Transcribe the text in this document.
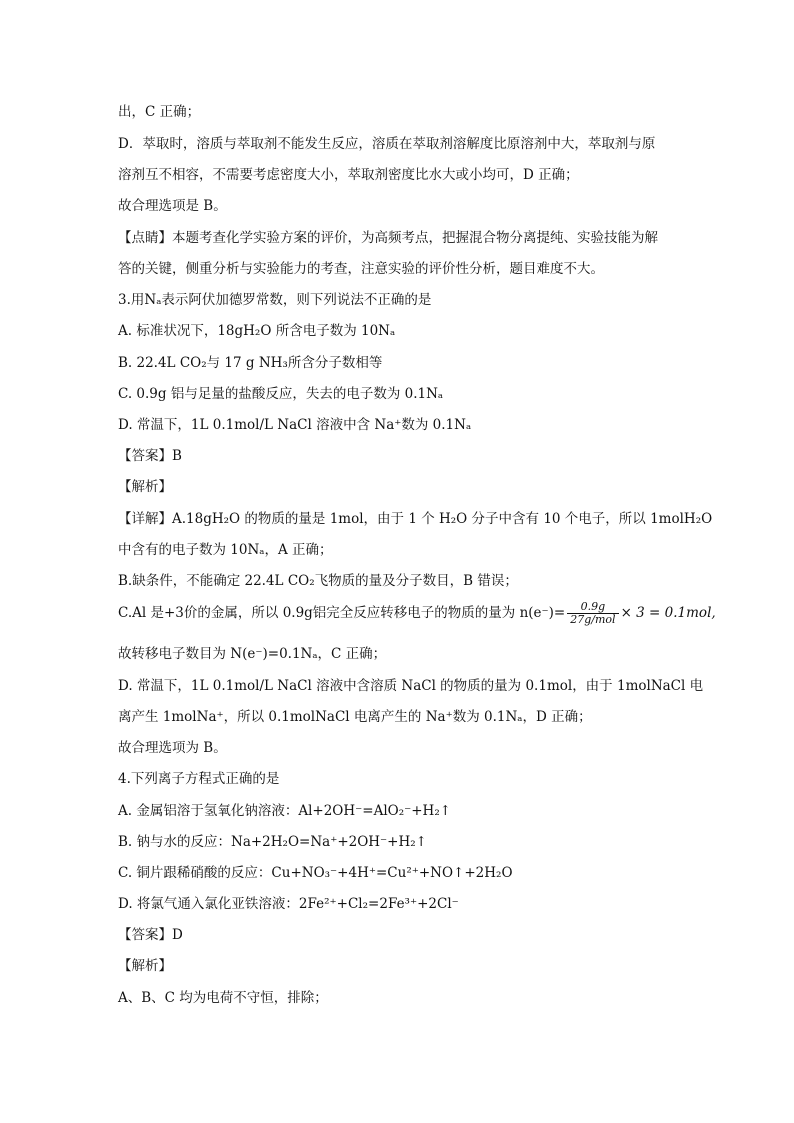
出，C 正确；
D．萃取时，溶质与萃取剂不能发生反应，溶质在萃取剂溶解度比原溶剂中大，萃取剂与原
溶剂互不相容，不需要考虑密度大小，萃取剂密度比水大或小均可，D 正确；
故合理选项是 B。
【点睛】本题考查化学实验方案的评价，为高频考点，把握混合物分离提纯、实验技能为解
答的关键，侧重分析与实验能力的考查，注意实验的评价性分析，题目难度不大。
3.用Nₐ表示阿伏加德罗常数，则下列说法不正确的是
A. 标准状况下，18gH₂O 所含电子数为 10Nₐ
B. 22.4L CO₂与 17 g NH₃所含分子数相等
C. 0.9g 铝与足量的盐酸反应，失去的电子数为 0.1Nₐ
D. 常温下，1L 0.1mol/L NaCl 溶液中含 Na⁺数为 0.1Nₐ
【答案】B
【解析】
【详解】A.18gH₂O 的物质的量是 1mol，由于 1 个 H₂O 分子中含有 10 个电子，所以 1molH₂O
中含有的电子数为 10Nₐ，A 正确；
B.缺条件，不能确定 22.4L CO₂飞物质的量及分子数目，B 错误；
C.Al 是+3价的金属，所以 0.9g铝完全反应转移电子的物质的量为 $n(e^-)= \frac{0.9g}{\text{27g/mol}} \times 3 = 0.1mol$,
故转移电子数目为 N(e⁻)=0.1Nₐ，C 正确；
D. 常温下，1L 0.1mol/L NaCl 溶液中含溶质 NaCl 的物质的量为 0.1mol，由于 1molNaCl 电
离产生 1molNa⁺，所以 0.1molNaCl 电离产生的 Na⁺数为 0.1Nₐ，D 正确；
故合理选项为 B。
4.下列离子方程式正确的是
A. 金属铝溶于氢氧化钠溶液：Al+2OH⁻=AlO₂⁻+H₂↑
B. 钠与水的反应：Na+2H₂O=Na⁺+2OH⁻+H₂↑
C. 铜片跟稀硝酸的反应：Cu+NO₃⁻+4H⁺=Cu²⁺+NO↑+2H₂O
D. 将氯气通入氯化亚铁溶液：2Fe²⁺+Cl₂=2Fe³⁺+2Cl⁻
【答案】D
【解析】
A、B、C 均为电荷不守恒，排除；
